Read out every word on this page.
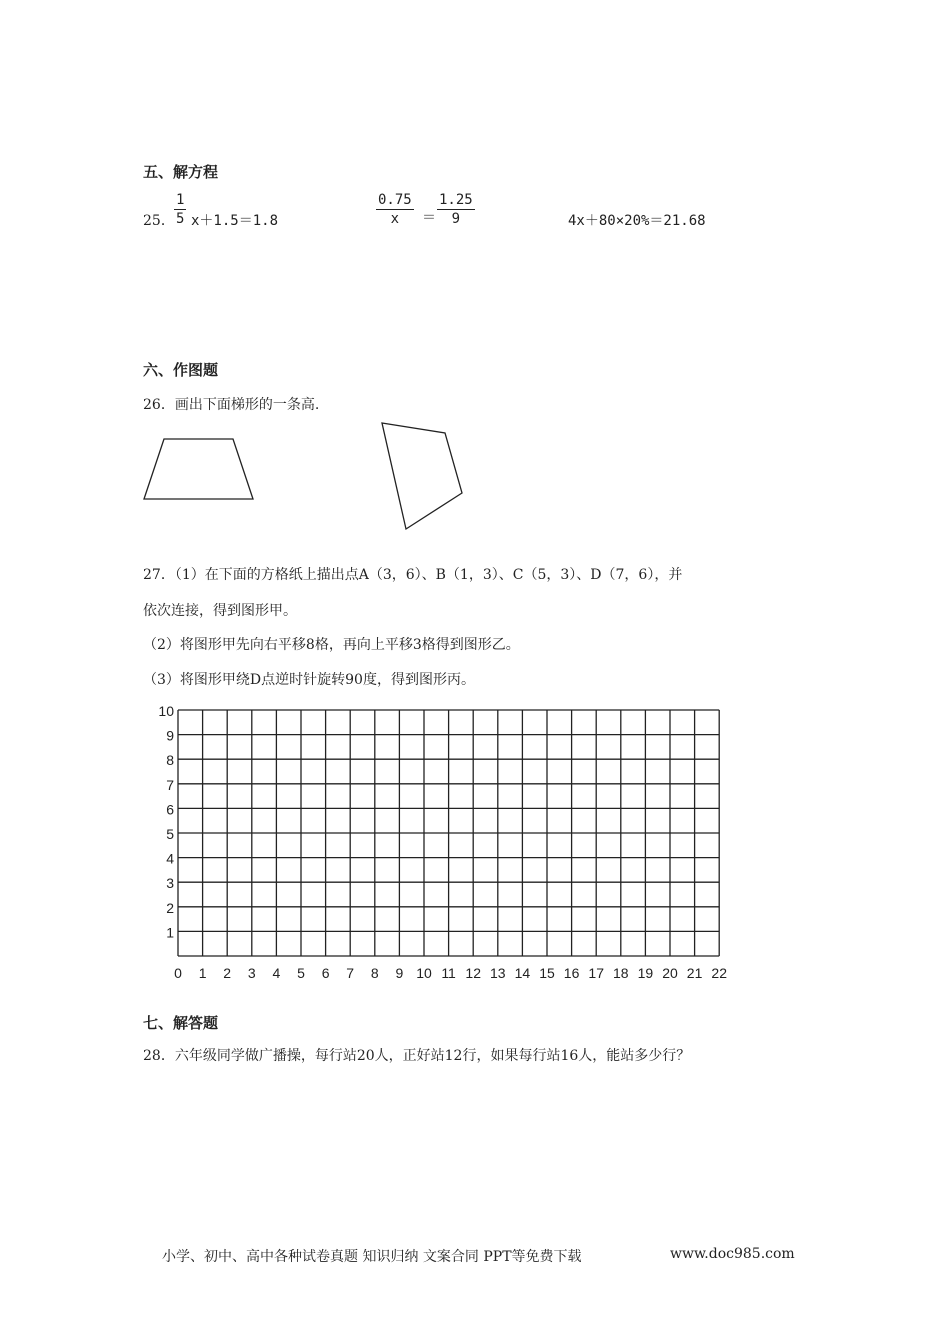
五、解方程
25． $\frac{1}{5} x+1.5=1.8$	$\frac{0.75}{x} = \frac{1.25}{9}$	4x＋80×20%＝21.68
六、作图题
26．画出下面梯形的一条高.
27．（1）在下面的方格纸上描出点A（3，6）、B（1，3）、C（5，3）、D（7，6），并
依次连接，得到图形甲。
（2）将图形甲先向右平移8格，再向上平移3格得到图形乙。
（3）将图形甲绕D点逆时针旋转90度，得到图形丙。
0 1 2 3 4 5 6 7 8 9 10 11 12 13 14 15 16 17 18 19 20 21 22
1
2
3
4
5
6
7
8
9
10
七、解答题
28．六年级同学做广播操，每行站20人，正好站12行，如果每行站16人，能站多少行？
小学、初中、高中各种试卷真题 知识归纳 文案合同 PPT等免费下载	www.doc985.com
